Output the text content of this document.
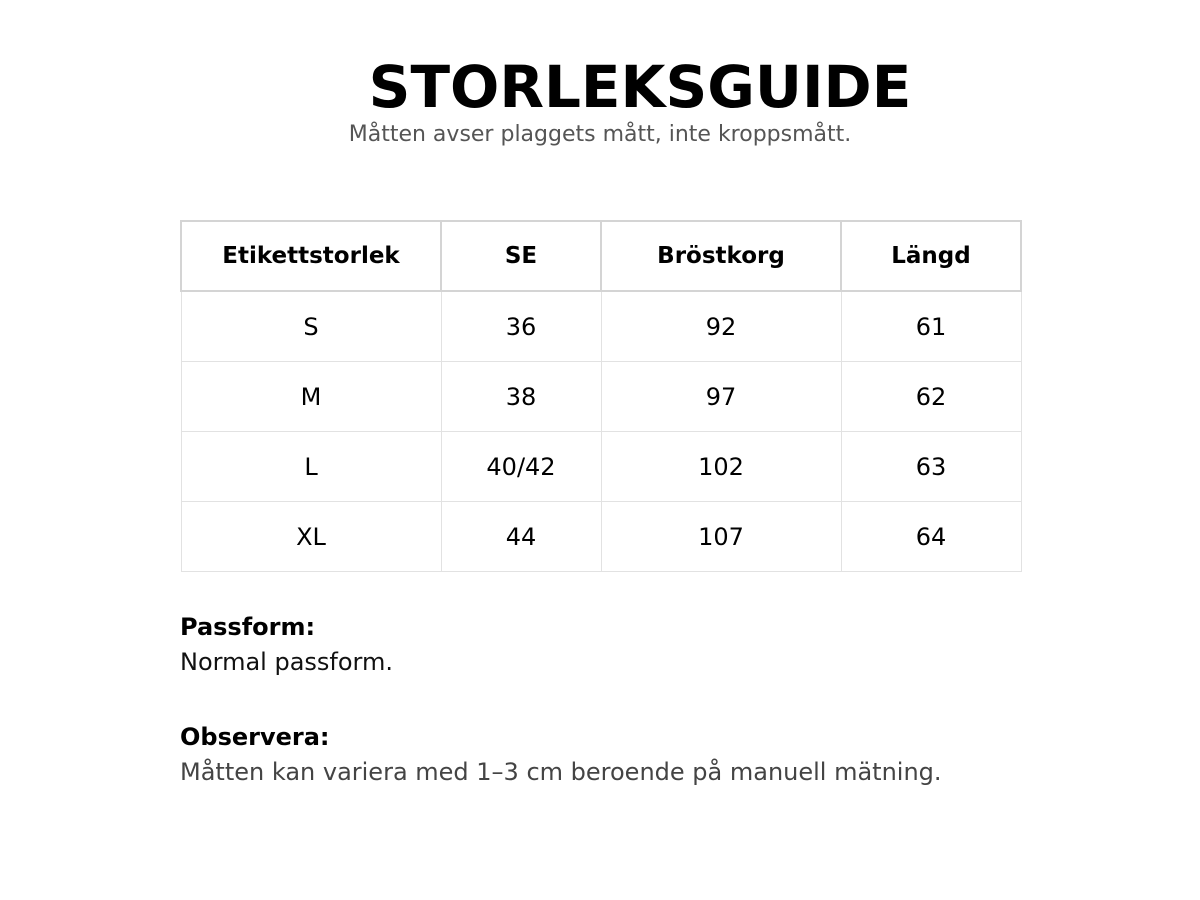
STORLEKSGUIDE

Måtten avser plaggets mått, inte kroppsmått.

Etikettstorlek	SE	Bröstkorg	Längd
S	36	92	61
M	38	97	62
L	40/42	102	63
XL	44	107	64

Passform:

Normal passform.

Observera:

Måtten kan variera med 1–3 cm beroende på manuell mätning.
